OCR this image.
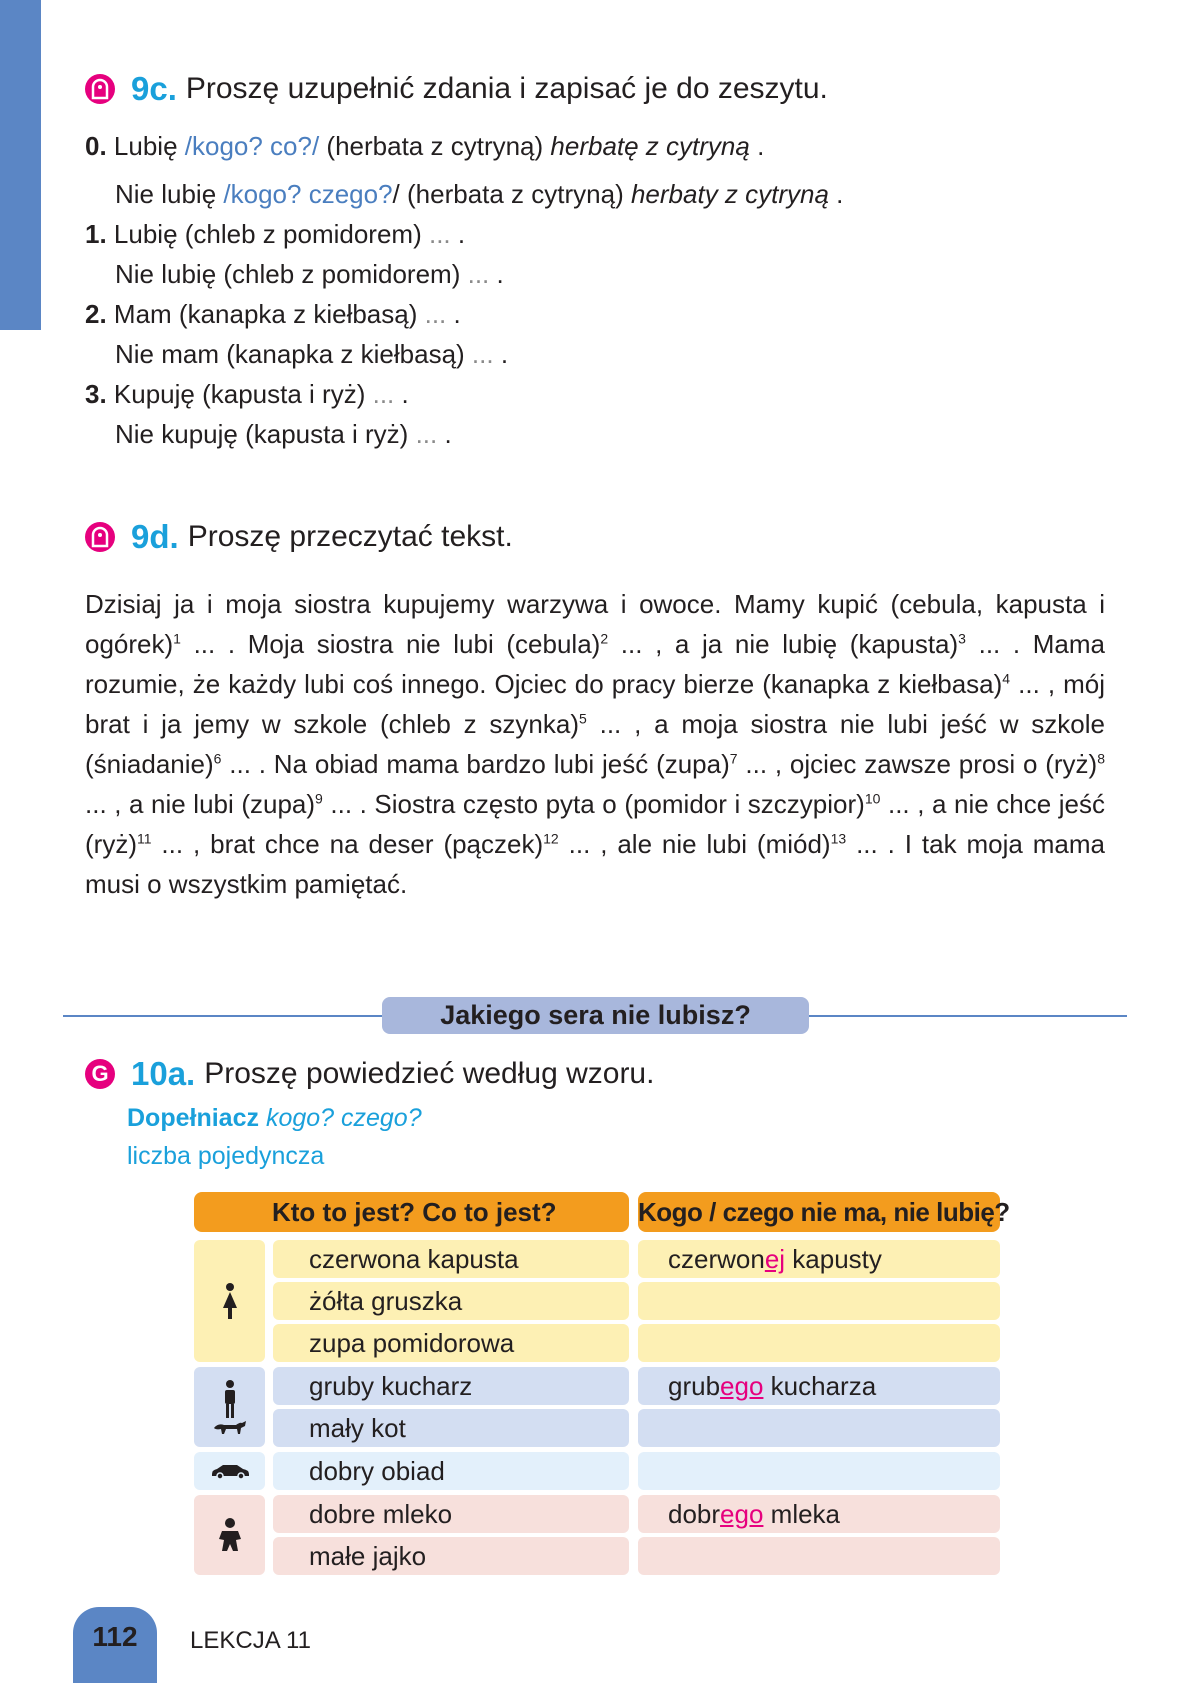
9c. Proszę uzupełnić zdania i zapisać je do zeszytu.
0. Lubię /kogo? co?/ (herbata z cytryną) herbatę z cytryną .
Nie lubię /kogo? czego?/ (herbata z cytryną) herbaty z cytryną .
1. Lubię (chleb z pomidorem) ... .
Nie lubię (chleb z pomidorem) ... .
2. Mam (kanapka z kiełbasą) ... .
Nie mam (kanapka z kiełbasą) ... .
3. Kupuję (kapusta i ryż) ... .
Nie kupuję (kapusta i ryż) ... .
9d. Proszę przeczytać tekst.

Dzisiaj ja i moja siostra kupujemy warzywa i owoce. Mamy kupić (cebula, kapusta i ogórek)$^1$ ... . Moja siostra nie lubi (cebula)$^2$ ... , a ja nie lubię (kapusta)$^3$ ... . Mama rozumie, że każdy lubi coś innego. Ojciec do pracy bierze (kanapka z kiełbasa)$^4$ ... , mój brat i ja jemy w szkole (chleb z szynka)$^5$ ... , a moja siostra nie lubi jeść w szkole (śniadanie)$^6$ ... . Na obiad mama bardzo lubi jeść (zupa)$^7$ ... , ojciec zawsze prosi o (ryż)$^8$ ... , a nie lubi (zupa)$^9$ ... . Siostra często pyta o (pomidor i szczypior)$^{10}$ ... , a nie chce jeść (ryż)$^{11}$ ... , brat chce na deser (pączek)$^{12}$ ... , ale nie lubi (miód)$^{13}$ ... . I tak moja mama musi o wszystkim pamiętać.

Jakiego sera nie lubisz?
G 10a. Proszę powiedzieć według wzoru.
Dopełniacz kogo? czego?
liczba pojedyncza
Kto to jest? Co to jest?	Kogo / czego nie ma, nie lubię?
czerwona kapusta	czerwonej kapusty
żółta gruszka
zupa pomidorowa
gruby kucharz	grubego kucharza
mały kot
dobry obiad
dobre mleko	dobrego mleka
małe jajko
112	LEKCJA 11
